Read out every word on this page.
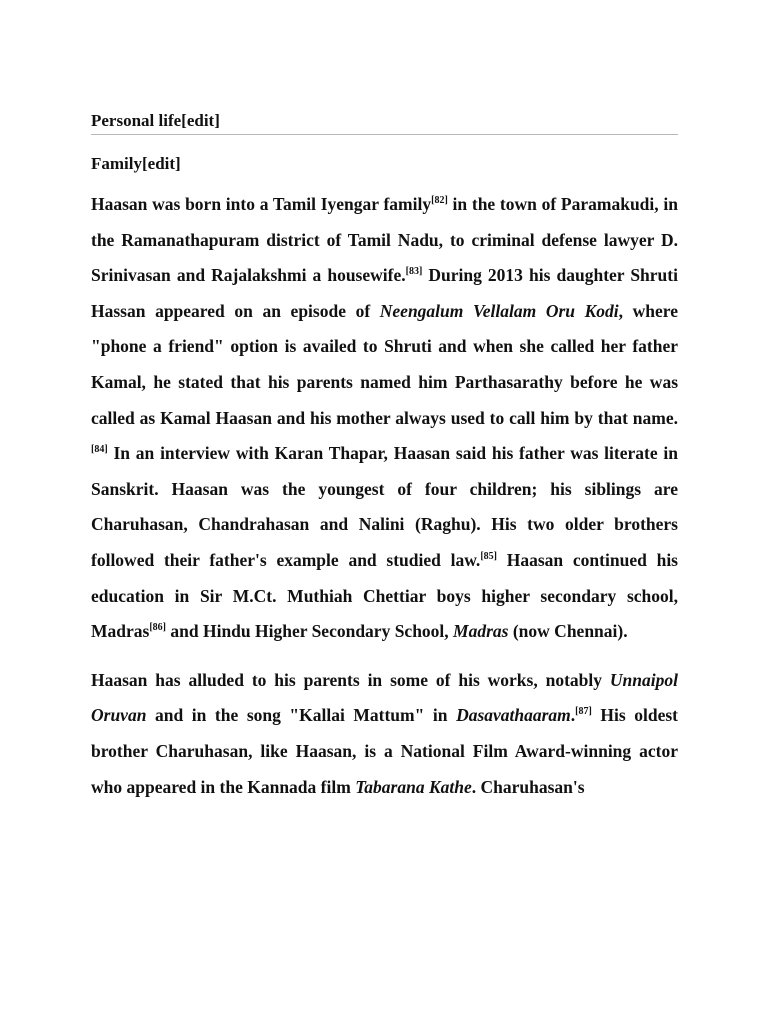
Personal life[edit]
Family[edit]

Haasan was born into a Tamil Iyengar family[82] in the town of Paramakudi, in the Ramanathapuram district of Tamil Nadu, to criminal defense lawyer D. Srinivasan and Rajalakshmi a housewife.[83] During 2013 his daughter Shruti Hassan appeared on an episode of Neengalum Vellalam Oru Kodi, where "phone a friend" option is availed to Shruti and when she called her father Kamal, he stated that his parents named him Parthasarathy before he was called as Kamal Haasan and his mother always used to call him by that name.[84] In an interview with Karan Thapar, Haasan said his father was literate in Sanskrit. Haasan was the youngest of four children; his siblings are Charuhasan, Chandrahasan and Nalini (Raghu). His two older brothers followed their father's example and studied law.[85] Haasan continued his education in Sir M.Ct. Muthiah Chettiar boys higher secondary school, Madras[86] and Hindu Higher Secondary School, Madras (now Chennai).

Haasan has alluded to his parents in some of his works, notably Unnaipol Oruvan and in the song "Kallai Mattum" in Dasavathaaram.[87] His oldest brother Charuhasan, like Haasan, is a National Film Award-winning actor who appeared in the Kannada film Tabarana Kathe. Charuhasan's
